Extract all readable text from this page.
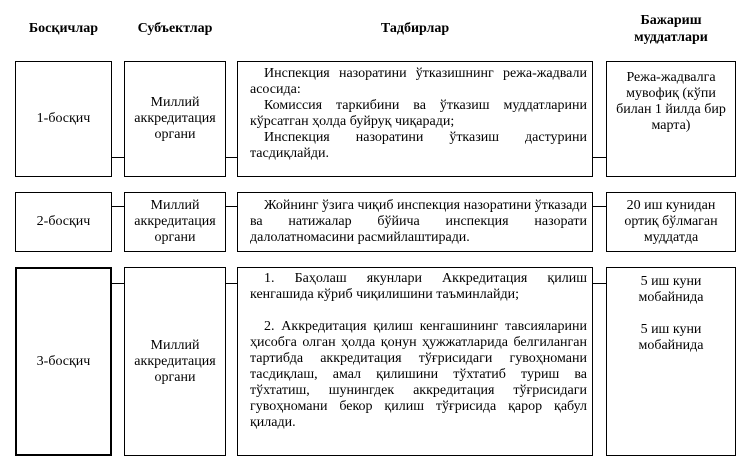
Босқичлар	Субъектлар	Тадбирлар
Бажариш муддатлари
1-босқич
Миллий аккредитация органи

Инспекция назоратини ўтказишнинг режа-жадвали асосида:

Комиссия таркибини ва ўтказиш муддатларини кўрсатган ҳолда буйруқ чиқаради;

Инспекция назоратини ўтказиш дастурини тасдиқлайди.

Режа-жадвалга мувофиқ (кўпи билан 1 йилда бир марта)
2-босқич
Миллий аккредитация органи

Жойнинг ўзига чиқиб инспекция назоратини ўтказади ва натижалар бўйича инспекция назорати далолатномасини расмийлаштиради.

20 иш кунидан ортиқ бўлмаган муддатда
3-босқич
Миллий аккредитация органи

1. Баҳолаш якунлари Аккредитация қилиш кенгашида кўриб чиқилишини таъминлайди;

2. Аккредитация қилиш кенгашининг тавсияларини ҳисобга олган ҳолда қонун ҳужжатларида белгиланган тартибда аккредитация тўғрисидаги гувоҳномани тасдиқлаш, амал қилишини тўхтатиб туриш ва тўхтатиш, шунингдек аккредитация тўғрисидаги гувоҳномани бекор қилиш тўғрисида қарор қабул қилади.

5 иш куни мобайнида
5 иш куни мобайнида
